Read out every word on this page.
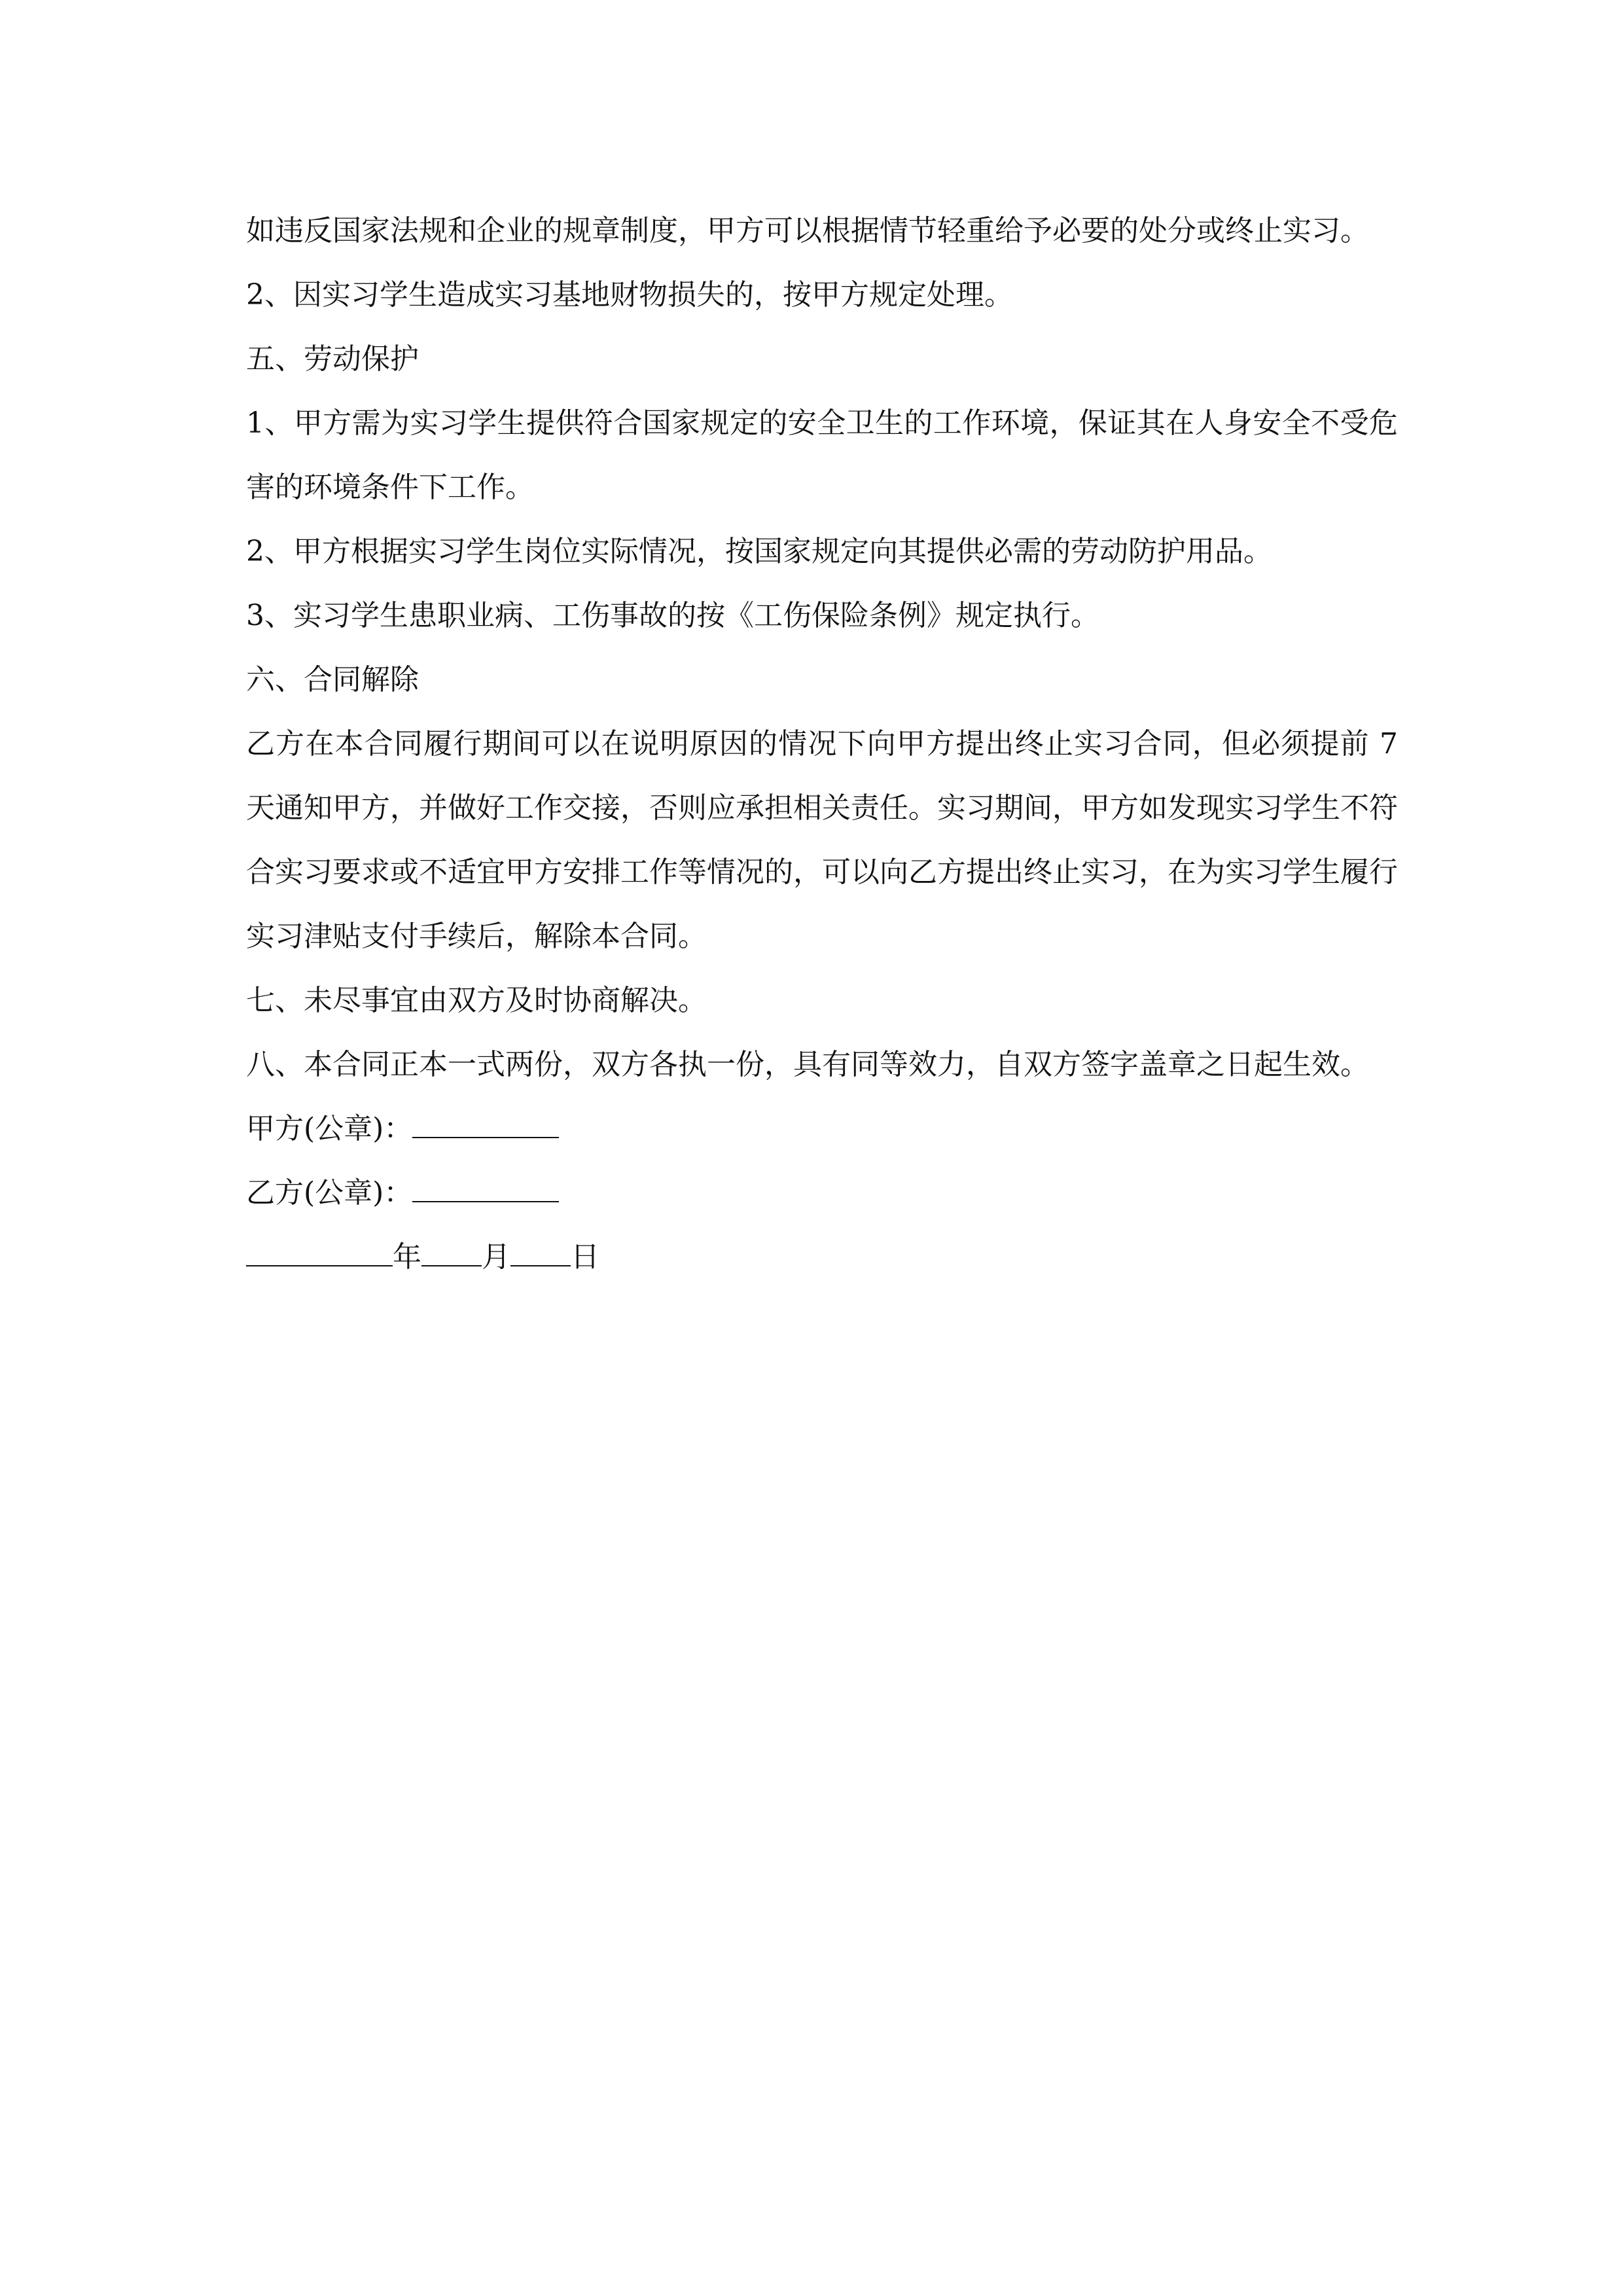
如违反国家法规和企业的规章制度，甲方可以根据情节轻重给予必要的处分或终止实习。

2、因实习学生造成实习基地财物损失的，按甲方规定处理。

五、劳动保护

1、甲方需为实习学生提供符合国家规定的安全卫生的工作环境，保证其在人身安全不受危害的环境条件下工作。

2、甲方根据实习学生岗位实际情况，按国家规定向其提供必需的劳动防护用品。

3、实习学生患职业病、工伤事故的按《工伤保险条例》规定执行。

六、合同解除

乙方在本合同履行期间可以在说明原因的情况下向甲方提出终止实习合同，但必须提前 7 天通知甲方，并做好工作交接，否则应承担相关责任。实习期间，甲方如发现实习学生不符合实习要求或不适宜甲方安排工作等情况的，可以向乙方提出终止实习，在为实习学生履行实习津贴支付手续后，解除本合同。

七、未尽事宜由双方及时协商解决。

八、本合同正本一式两份，双方各执一份，具有同等效力，自双方签字盖章之日起生效。

甲方(公章)：

乙方(公章)：

年 月 日
